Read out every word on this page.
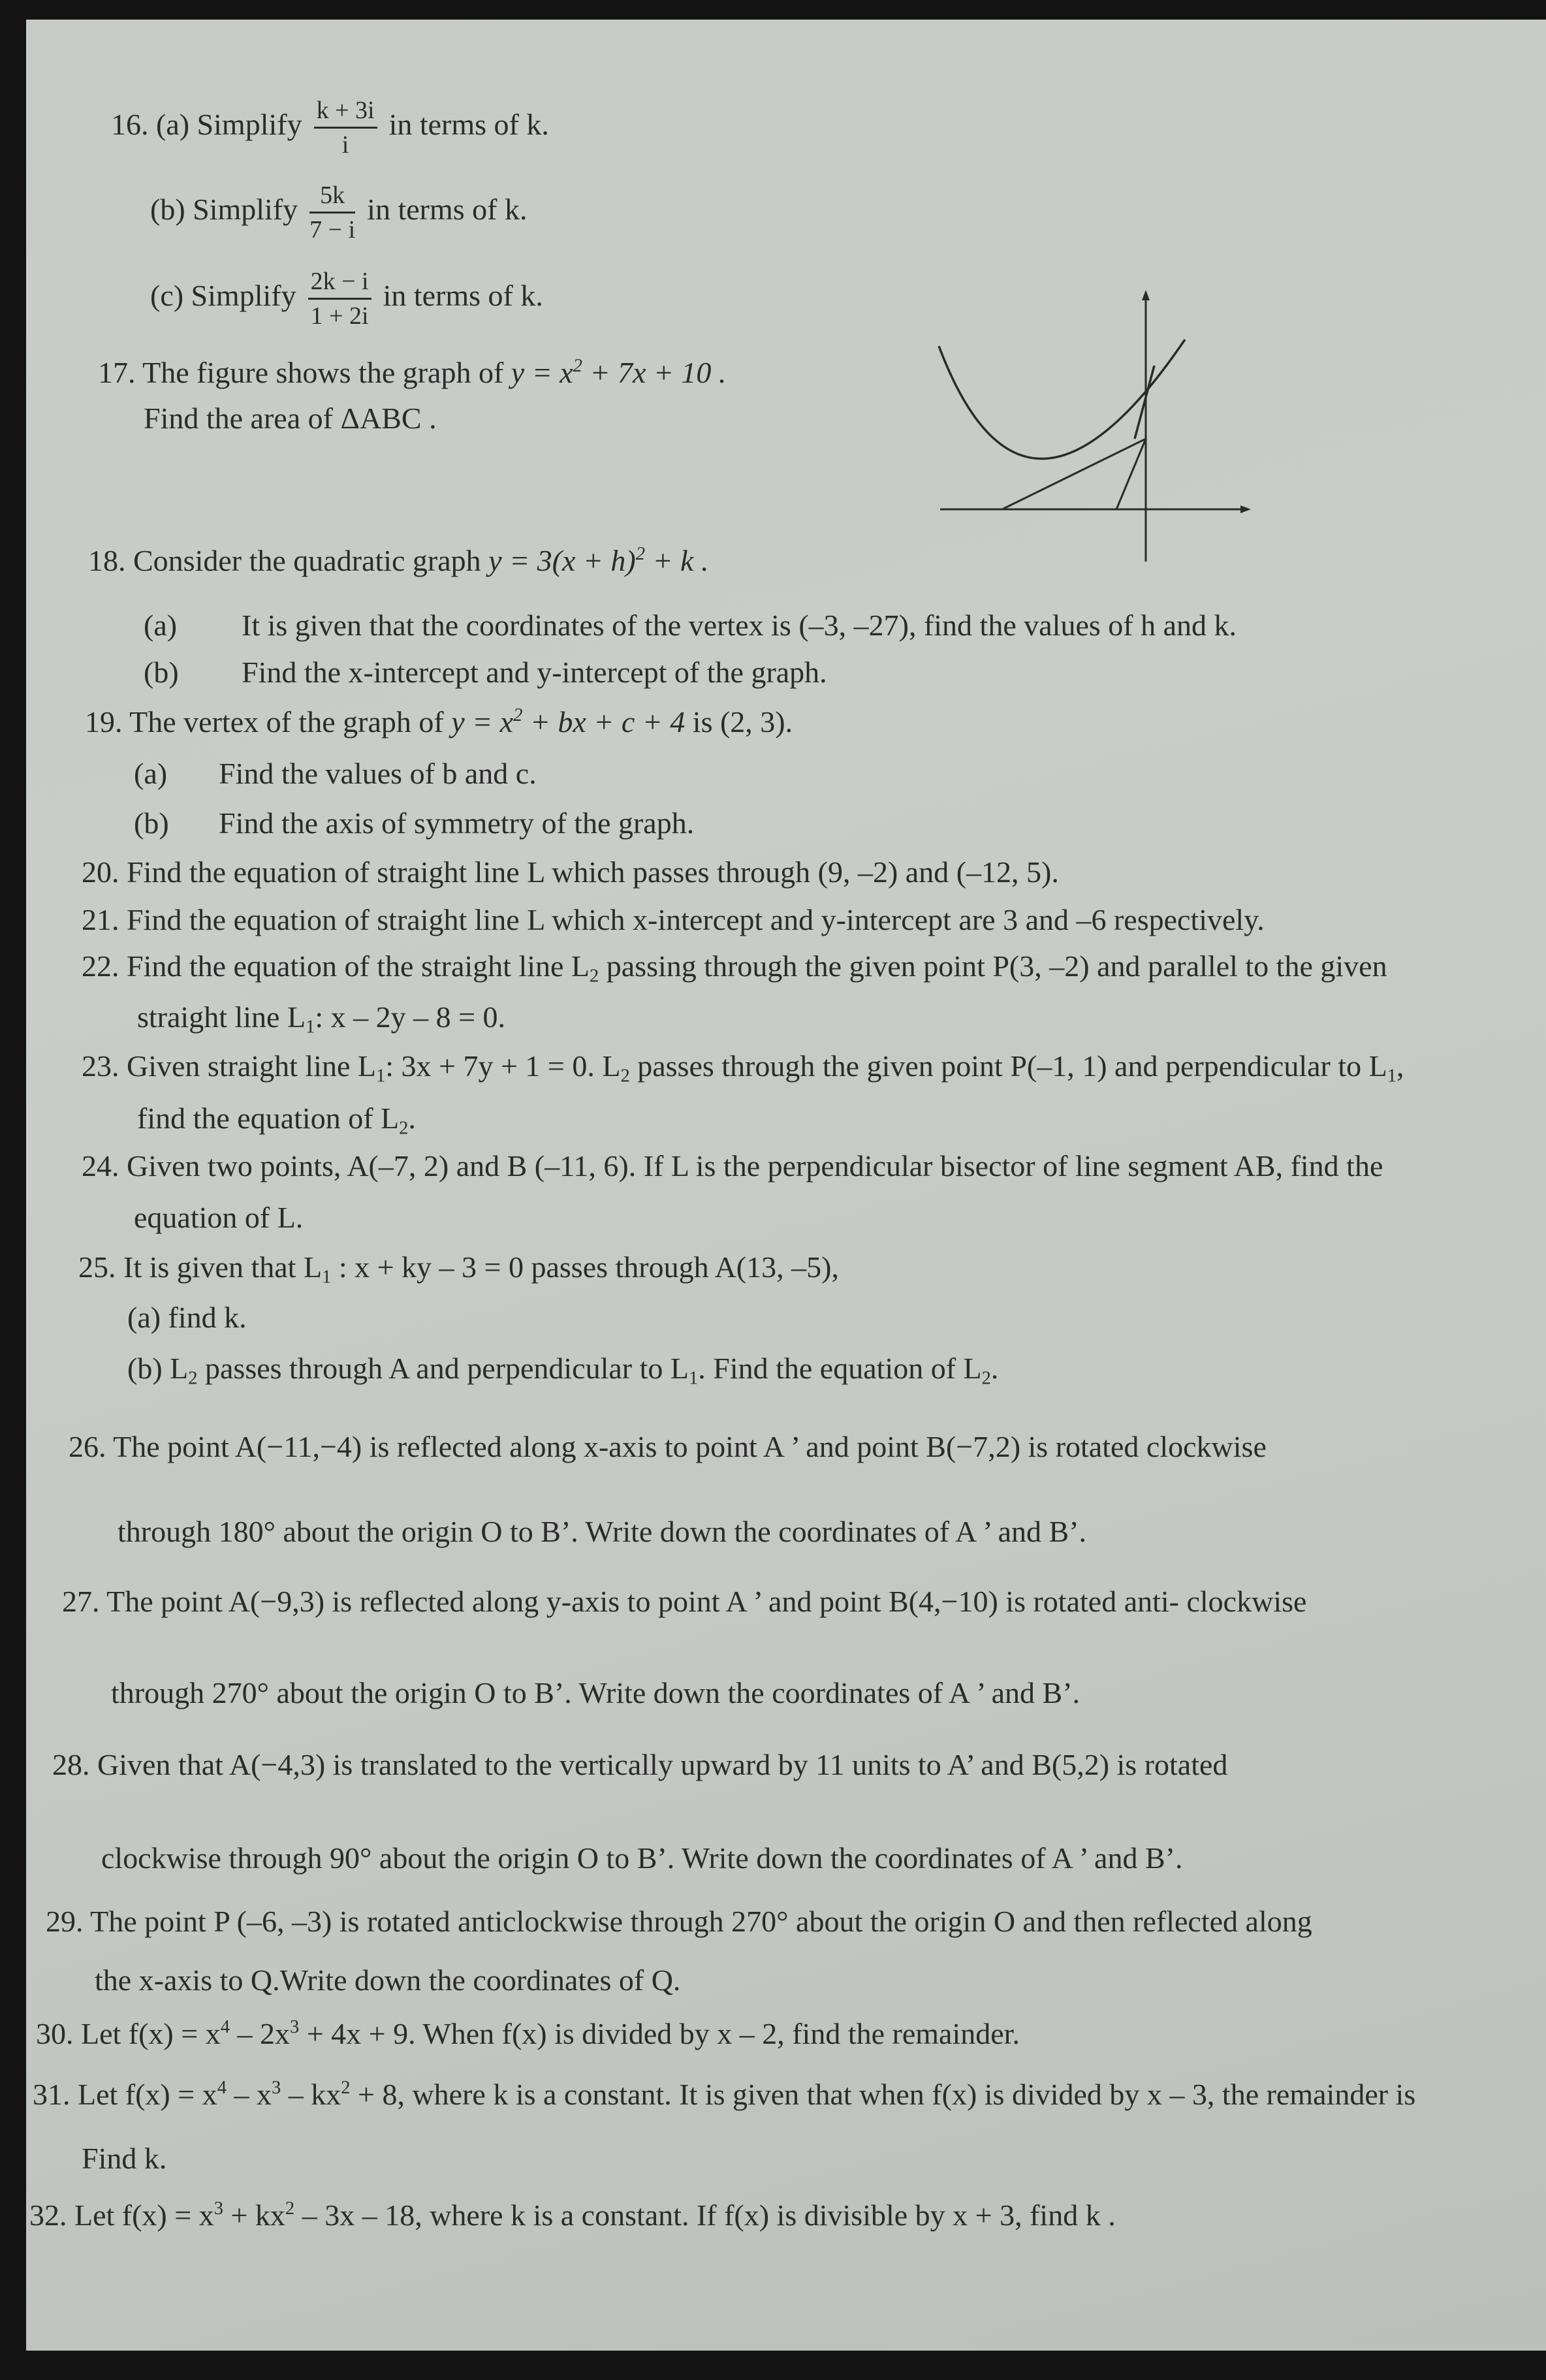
16. (a) Simplify $\frac{k + 3i}{i}$ in terms of k.
(b) Simplify $\frac{5k}{7 - i}$ in terms of k.
(c) Simplify $\frac{2k - i}{1 + 2i}$ in terms of k.
17. The figure shows the graph of $y = x^2 + 7x + 10$ .
Find the area of ΔABC .
18. Consider the quadratic graph $y = 3(x + h)^2 + k$ .
(a) It is given that the coordinates of the vertex is (–3, –27), find the values of h and k.
(b) Find the x-intercept and y-intercept of the graph.
19. The vertex of the graph of $y = x^2$ + bx + c + 4 is (2, 3).
(a) Find the values of b and c.
(b) Find the axis of symmetry of the graph.
20. Find the equation of straight line L which passes through (9, –2) and (–12, 5).
21. Find the equation of straight line L which x-intercept and y-intercept are 3 and –6 respectively.
22. Find the equation of the straight line $L_2$ passing through the given point P(3, –2) and parallel to the given
straight line $L_1$: x – 2y – 8 = 0.
23. Given straight line $L_1$: 3x + 7y + 1 = 0. $L_2$ passes through the given point P(–1, 1) and perpendicular to $L_1$,
find the equation of $L_2$.
24. Given two points, A(–7, 2) and B (–11, 6). If L is the perpendicular bisector of line segment AB, find the
equation of L.
25. It is given that $L_1$ : x + ky – 3 = 0 passes through A(13, –5),
(a) find k.
(b) $L_2$ passes through A and perpendicular to $L_1$. Find the equation of $L_2$.
26. The point A(−11,−4) is reflected along x-axis to point A ’ and point B(−7,2) is rotated clockwise
through 180° about the origin O to B’. Write down the coordinates of A ’ and B’.
27. The point A(−9,3) is reflected along y-axis to point A ’ and point B(4,−10) is rotated anti- clockwise
through 270° about the origin O to B’. Write down the coordinates of A ’ and B’.
28. Given that A(−4,3) is translated to the vertically upward by 11 units to A’ and B(5,2) is rotated
clockwise through 90° about the origin O to B’. Write down the coordinates of A ’ and B’.
29. The point P (–6, –3) is rotated anticlockwise through 270° about the origin O and then reflected along
the x-axis to Q.Write down the coordinates of Q.
30. Let $f(x) = x^4 - 2x^3 + 4x + 9$. When f(x) is divided by x – 2, find the remainder.
31. Let $f(x) = x^4 - x^3 - kx^2 + 8$, where k is a constant. It is given that when f(x) is divided by x – 3, the remainder is
Find k.
32. Let $f(x) = x^3 + kx^2 - 3x - 18$, where k is a constant. If f(x) is divisible by x + 3, find k .
